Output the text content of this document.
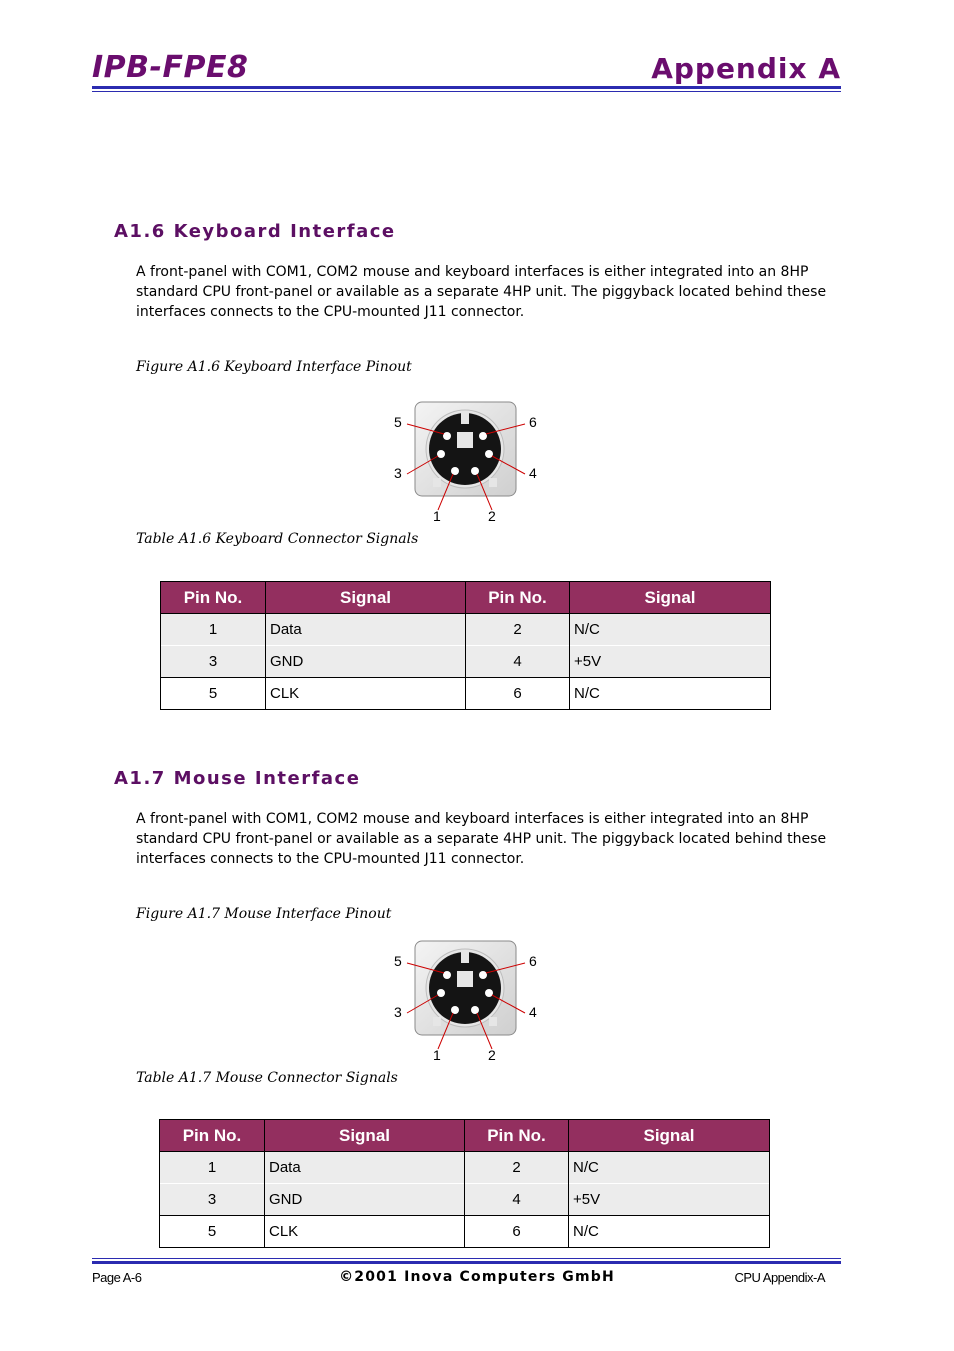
IPB-FPE8	Appendix A
A1.6 Keyboard Interface
A front-panel with COM1, COM2 mouse and keyboard interfaces is either integrated into an 8HP
standard CPU front-panel or available as a separate 4HP unit. The piggyback located behind these
interfaces connects to the CPU-mounted J11 connector.
Figure A1.6 Keyboard Interface Pinout
5	6
3	4
1	2
Table A1.6 Keyboard Connector Signals
Pin No.	Signal	Pin No.	Signal
1	Data	2	N/C
3	GND	4	+5V
5	CLK	6	N/C
A1.7 Mouse Interface
A front-panel with COM1, COM2 mouse and keyboard interfaces is either integrated into an 8HP
standard CPU front-panel or available as a separate 4HP unit. The piggyback located behind these
interfaces connects to the CPU-mounted J11 connector.
Figure A1.7 Mouse Interface Pinout
5	6
3	4
1	2
Table A1.7 Mouse Connector Signals
Pin No.	Signal	Pin No.	Signal
1	Data	2	N/C
3	GND	4	+5V
5	CLK	6	N/C
Page A-6	©2001 Inova Computers GmbH	CPU Appendix-A
